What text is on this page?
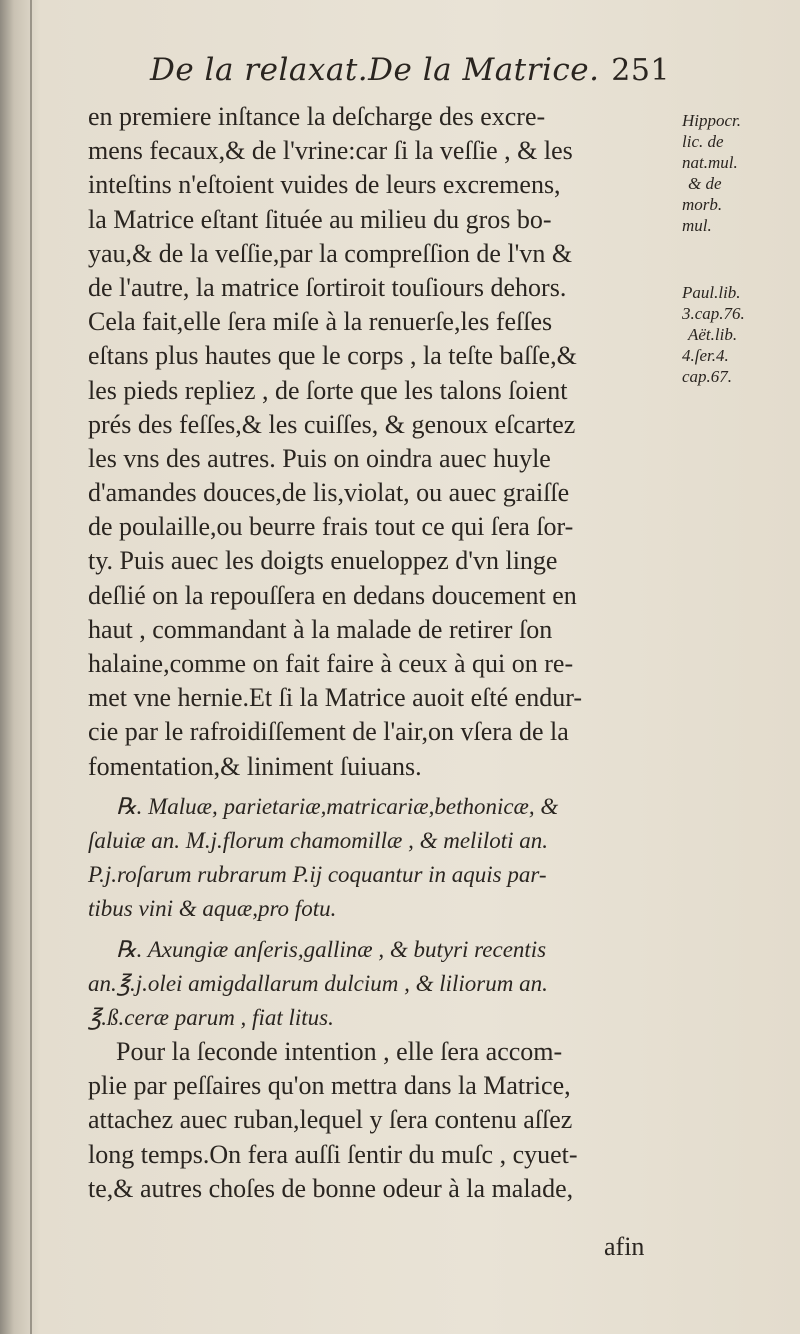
De la relaxat.De la Matrice. 251
en premiere inſtance la deſcharge des excre-
mens fecaux,& de l'vrine:car ſi la veſſie , & les
inteſtins n'eſtoient vuides de leurs excremens,
la Matrice eſtant ſituée au milieu du gros bo-
yau,& de la veſſie,par la compreſſion de l'vn &
de l'autre, la matrice ſortiroit touſiours dehors.
Cela fait,elle ſera miſe à la renuerſe,les feſſes
eſtans plus hautes que le corps , la teſte baſſe,&
les pieds repliez , de ſorte que les talons ſoient
prés des feſſes,& les cuiſſes, & genoux eſcartez
les vns des autres. Puis on oindra auec huyle
d'amandes douces,de lis,violat, ou auec graiſſe
de poulaille,ou beurre frais tout ce qui ſera ſor-
ty. Puis auec les doigts enueloppez d'vn linge
deſlié on la repouſſera en dedans doucement en
haut , commandant à la malade de retirer ſon
halaine,comme on fait faire à ceux à qui on re-
met vne hernie.Et ſi la Matrice auoit eſté endur-
cie par le rafroidiſſement de l'air,on vſera de la
fomentation,& liniment ſuiuans.
℞. Maluæ, parietariæ,matricariæ,bethonicæ, &
ſaluiæ an. M.j.florum chamomillæ , & meliloti an.
P.j.roſarum rubrarum P.ij coquantur in aquis par-
tibus vini & aquæ,pro fotu.
℞. Axungiæ anſeris,gallinæ , & butyri recentis
an.℥.j.olei amigdallarum dulcium , & liliorum an.
℥.ß.ceræ parum , fiat litus.
Pour la ſeconde intention , elle ſera accom-
plie par peſſaires qu'on mettra dans la Matrice,
attachez auec ruban,lequel y ſera contenu aſſez
long temps.On fera auſſi ſentir du muſc , cyuet-
te,& autres choſes de bonne odeur à la malade,
Hippocr.
lic. de
nat.mul.
& de
morb.
mul.
Paul.lib.
3.cap.76.
Aët.lib.
4.ſer.4.
cap.67.
afin
